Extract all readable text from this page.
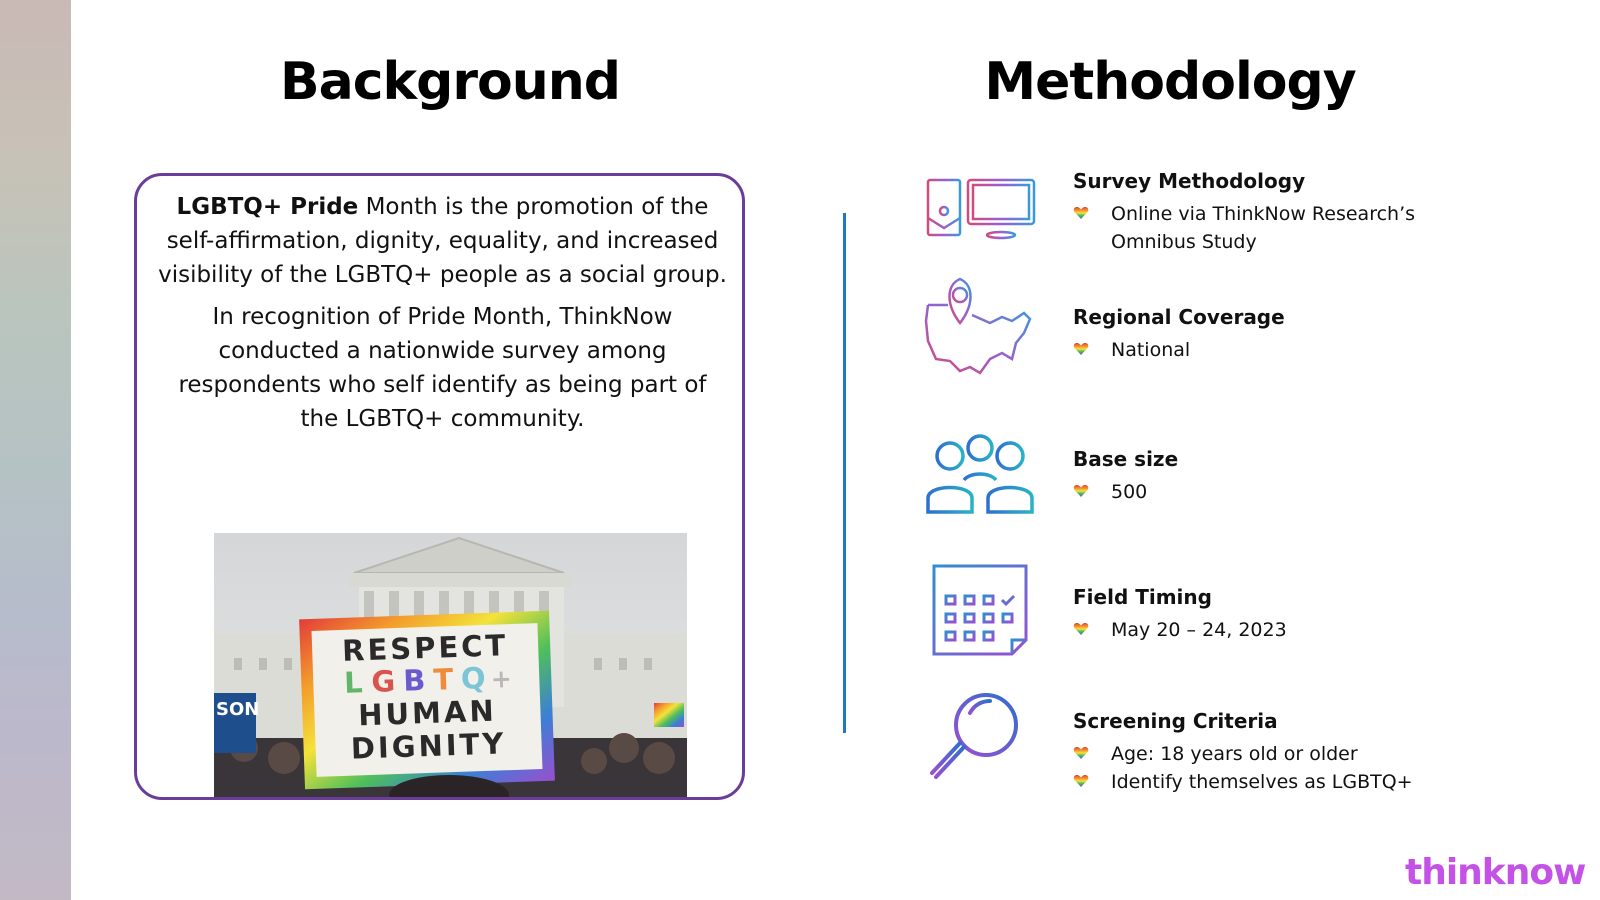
Background	Methodology

LGBTQ+ Pride Month is the promotion of the self-affirmation, dignity, equality, and increased visibility of the LGBTQ+ people as a social group.

In recognition of Pride Month, ThinkNow conducted a nationwide survey among respondents who self identify as being part of the LGBTQ+ community.

SON
RESPECT
L G B T Q +
HUMAN
DIGNITY
Survey Methodology
Online via ThinkNow Research’s
Omnibus Study
Regional Coverage
National
Base size
500
Field Timing
May 20 – 24, 2023
Screening Criteria
Age: 18 years old or older
Identify themselves as LGBTQ+
thinknow
